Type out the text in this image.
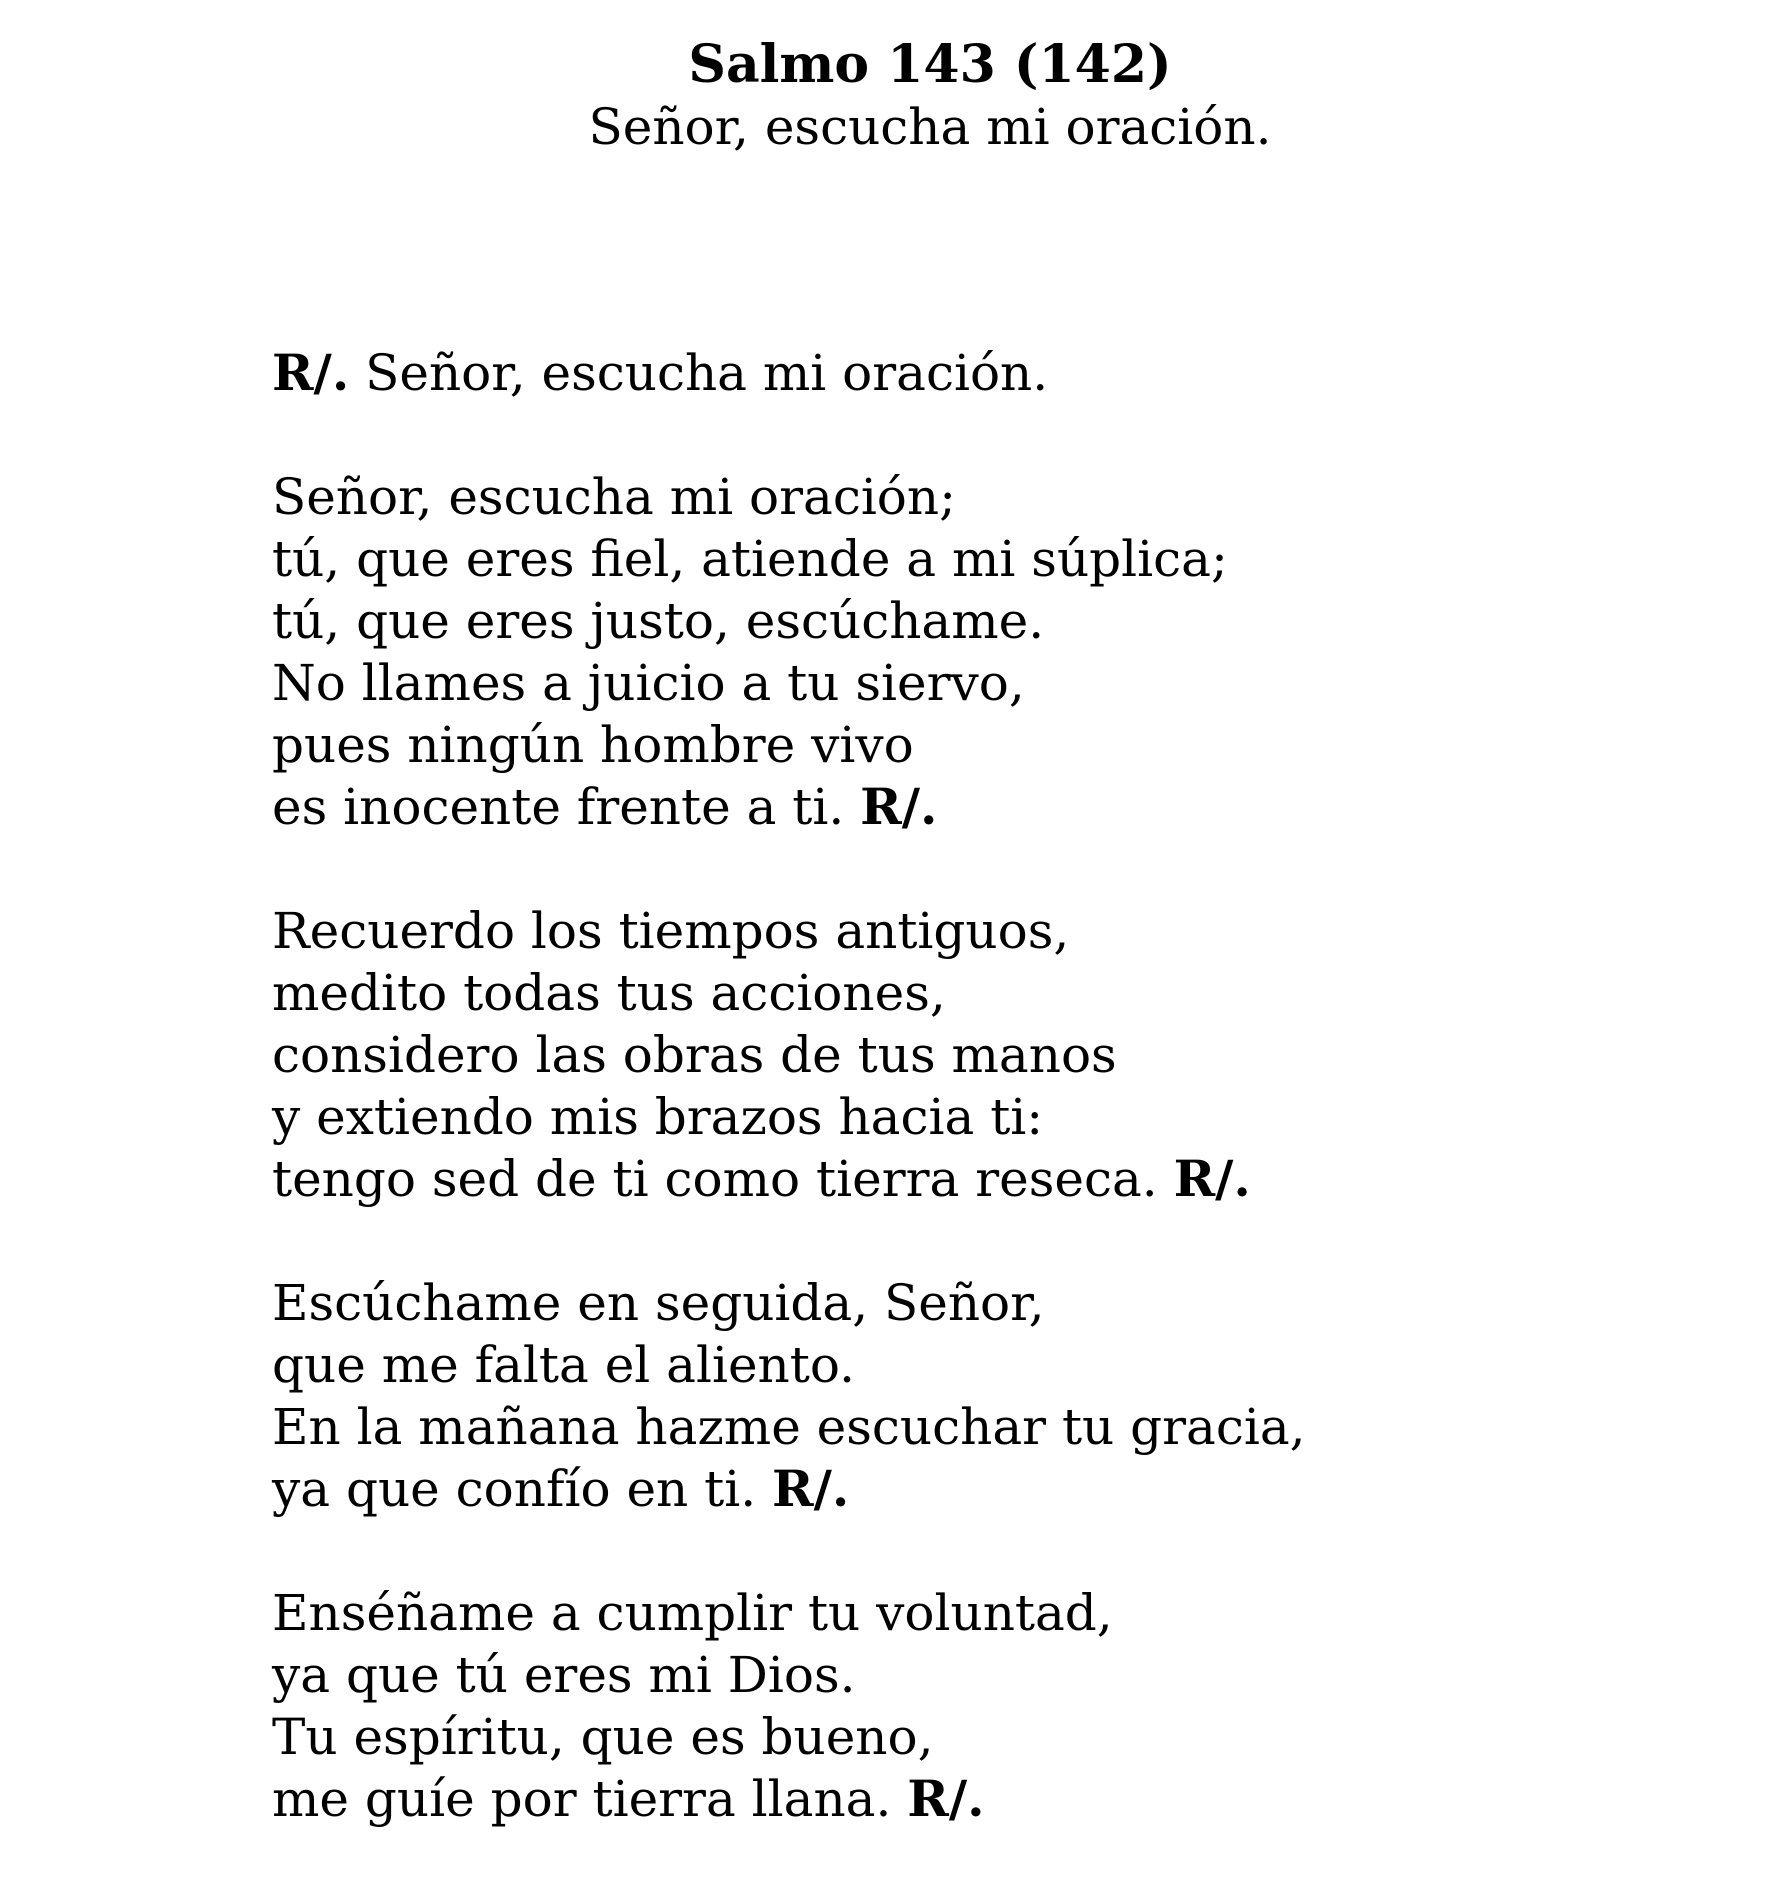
Salmo 143 (142)
Señor, escucha mi oración.
R/. Señor, escucha mi oración.
Señor, escucha mi oración;
tú, que eres fiel, atiende a mi súplica;
tú, que eres justo, escúchame.
No llames a juicio a tu siervo,
pues ningún hombre vivo
es inocente frente a ti. R/.
Recuerdo los tiempos antiguos,
medito todas tus acciones,
considero las obras de tus manos
y extiendo mis brazos hacia ti:
tengo sed de ti como tierra reseca. R/.
Escúchame en seguida, Señor,
que me falta el aliento.
En la mañana hazme escuchar tu gracia,
ya que confío en ti. R/.
Enséñame a cumplir tu voluntad,
ya que tú eres mi Dios.
Tu espíritu, que es bueno,
me guíe por tierra llana. R/.
